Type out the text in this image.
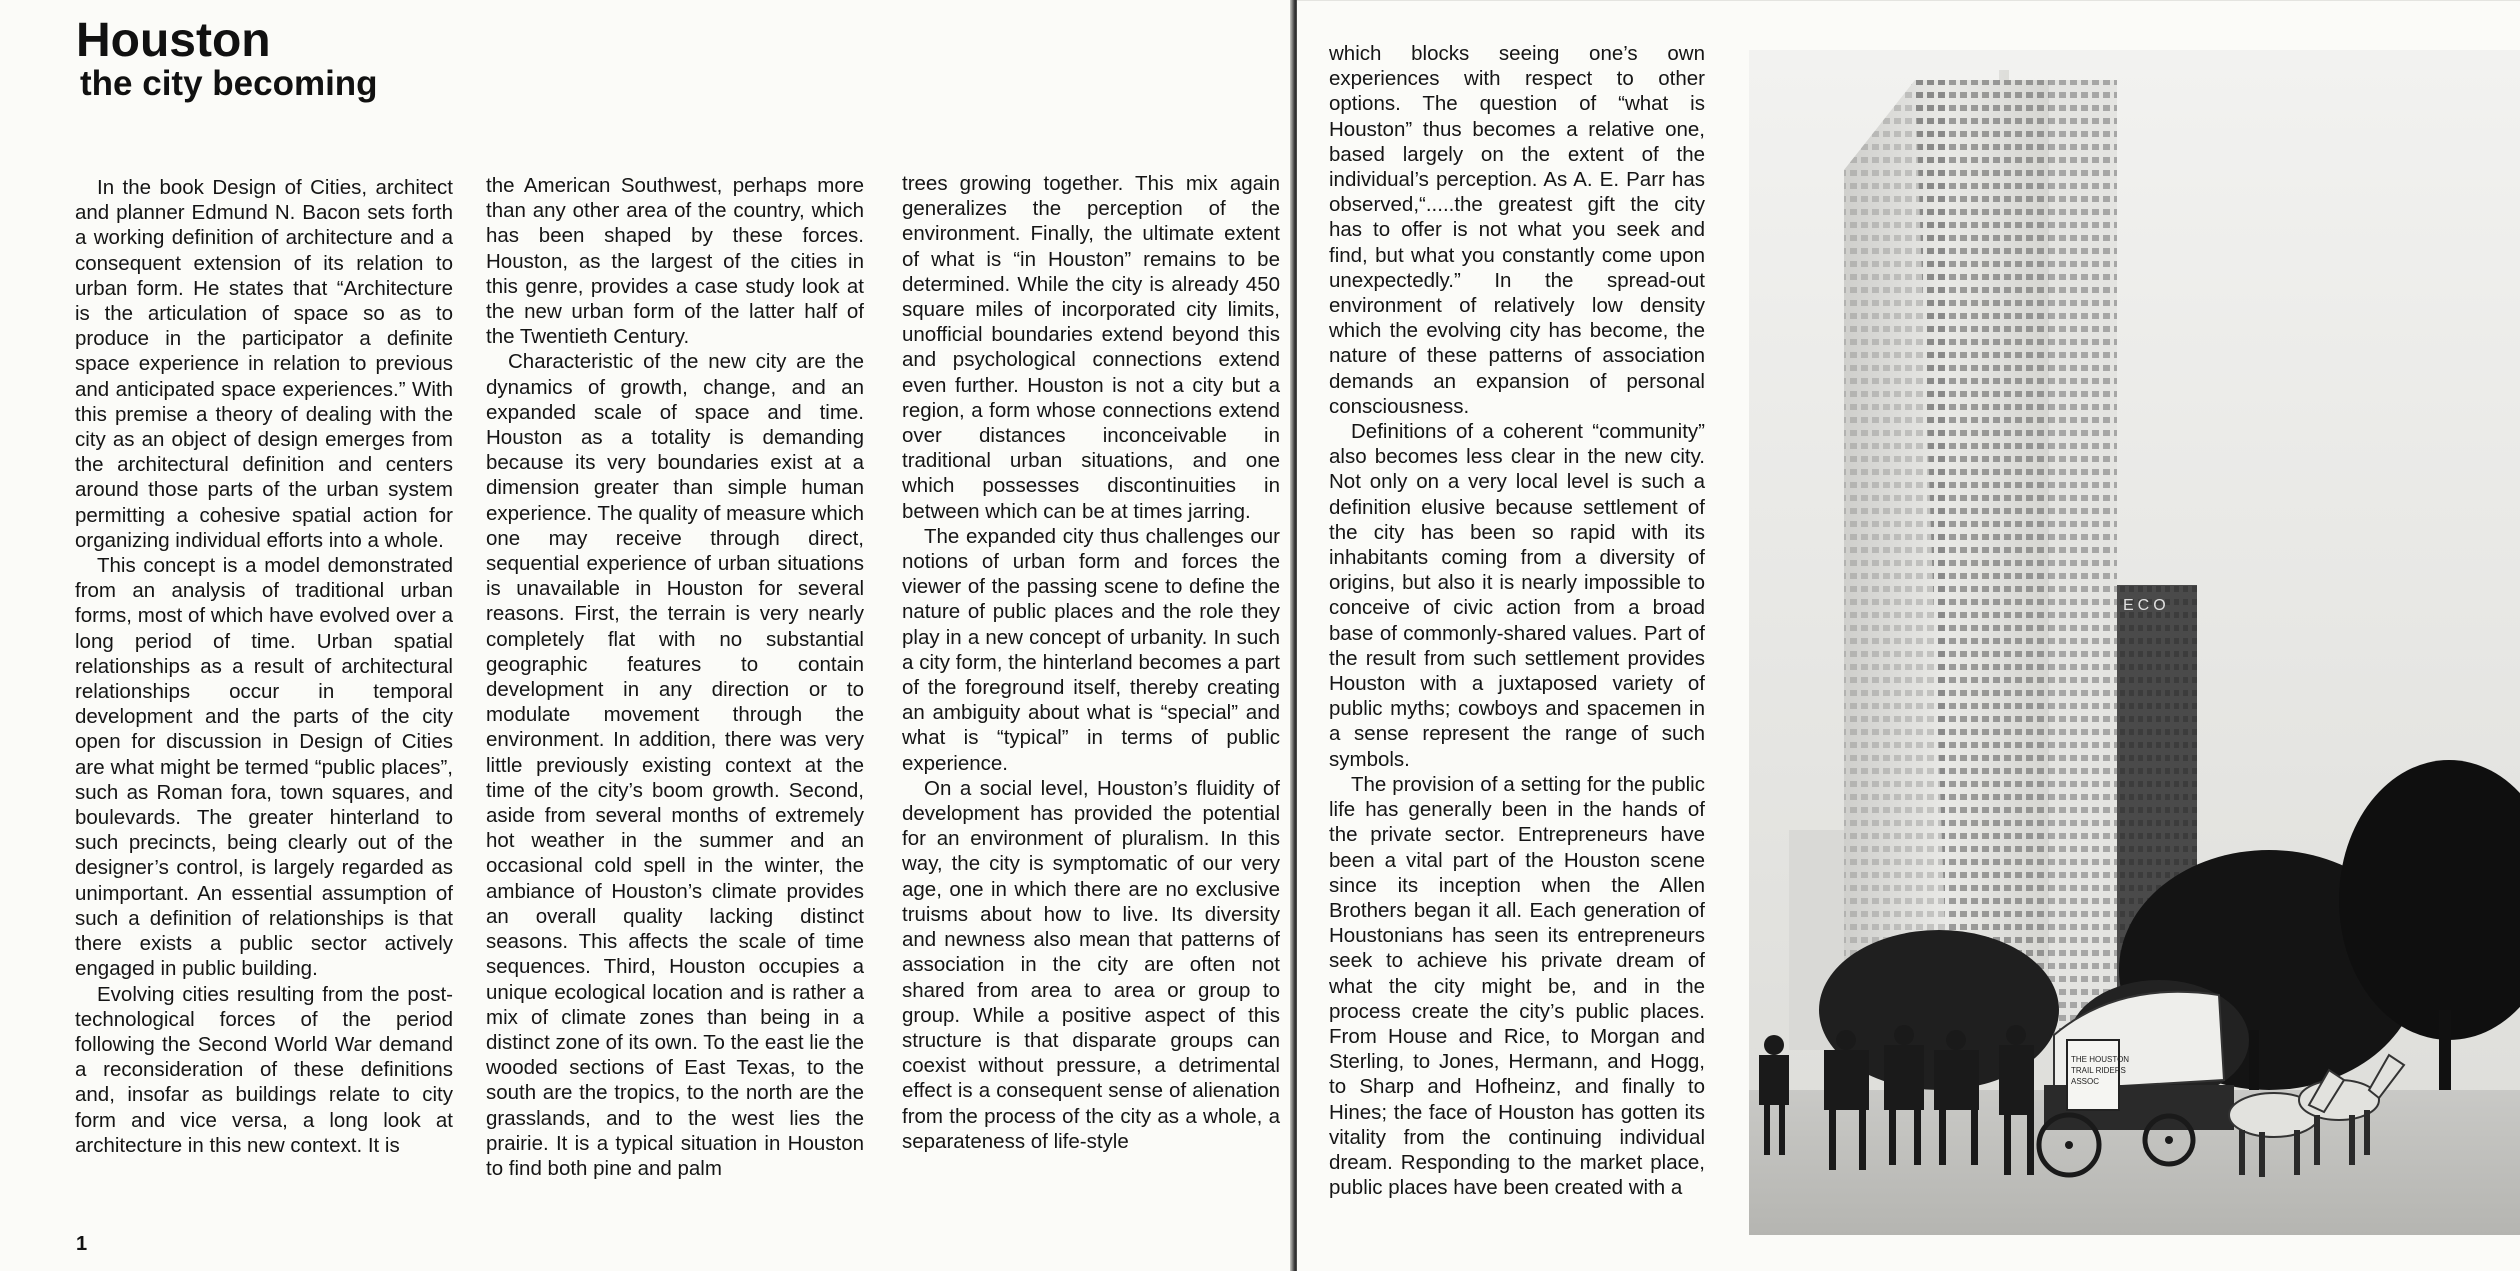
Houston
the city becoming

In the book Design of Cities, architect and planner Edmund N. Bacon sets forth a working definition of architecture and a consequent extension of its relation to urban form. He states that “Architecture is the articulation of space so as to produce in the participator a definite space experience in relation to previous and anticipated space experiences.” With this premise a theory of dealing with the city as an object of design emerges from the architectural definition and centers around those parts of the urban system permitting a cohesive spatial action for organizing individual efforts into a whole.

This concept is a model demonstrated from an analysis of traditional urban forms, most of which have evolved over a long period of time. Urban spatial relationships as a result of architectural relationships occur in temporal development and the parts of the city open for discussion in Design of Cities are what might be termed “public places”, such as Roman fora, town squares, and boulevards. The greater hinterland to such precincts, being clearly out of the designer’s control, is largely regarded as unimportant. An essential assumption of such a definition of relationships is that there exists a public sector actively engaged in public building.

Evolving cities resulting from the post-technological forces of the period following the Second World War demand a reconsideration of these definitions and, insofar as buildings relate to city form and vice versa, a long look at architecture in this new context. It is

the American Southwest, perhaps more than any other area of the country, which has been shaped by these forces. Houston, as the largest of the cities in this genre, provides a case study look at the new urban form of the latter half of the Twentieth Century.

Characteristic of the new city are the dynamics of growth, change, and an expanded scale of space and time. Houston as a totality is demanding because its very boundaries exist at a dimension greater than simple human experience. The quality of measure which one may receive through direct, sequential experience of urban situations is unavailable in Houston for several reasons. First, the terrain is very nearly completely flat with no substantial geographic features to contain development in any direction or to modulate movement through the environment. In addition, there was very little previously existing context at the time of the city’s boom growth. Second, aside from several months of extremely hot weather in the summer and an occasional cold spell in the winter, the ambiance of Houston’s climate provides an overall quality lacking distinct seasons. This affects the scale of time sequences. Third, Houston occupies a unique ecological location and is rather a mix of climate zones than being in a distinct zone of its own. To the east lie the wooded sections of East Texas, to the south are the tropics, to the north are the grasslands, and to the west lies the prairie. It is a typical situation in Houston to find both pine and palm

trees growing together. This mix again generalizes the perception of the environment. Finally, the ultimate extent of what is “in Houston” remains to be determined. While the city is already 450 square miles of incorporated city limits, unofficial boundaries extend beyond this and psychological connections extend even further. Houston is not a city but a region, a form whose connections extend over distances inconceivable in traditional urban situations, and one which possesses discontinuities in between which can be at times jarring.

The expanded city thus challenges our notions of urban form and forces the viewer of the passing scene to define the nature of public places and the role they play in a new concept of urbanity. In such a city form, the hinterland becomes a part of the foreground itself, thereby creating an ambiguity about what is “special” and what is “typical” in terms of public experience.

On a social level, Houston’s fluidity of development has provided the potential for an environment of pluralism. In this way, the city is symptomatic of our very age, one in which there are no exclusive truisms about how to live. Its diversity and newness also mean that patterns of association in the city are often not shared from area to area or group to group. While a positive aspect of this structure is that disparate groups can coexist without pressure, a detrimental effect is a consequent sense of alienation from the process of the city as a whole, a separateness of life-style

1

which blocks seeing one’s own experiences with respect to other options. The question of “what is Houston” thus becomes a relative one, based largely on the extent of the individual’s perception. As A. E. Parr has observed,“.....the greatest gift the city has to offer is not what you seek and find, but what you constantly come upon unexpectedly.” In the spread-out environment of relatively low density which the evolving city has become, the nature of these patterns of association demands an expansion of personal consciousness.

Definitions of a coherent “community” also becomes less clear in the new city. Not only on a very local level is such a definition elusive because settlement of the city has been so rapid with its inhabitants coming from a diversity of origins, but also it is nearly impossible to conceive of civic action from a broad base of commonly-shared values. Part of the result from such settlement provides Houston with a juxtaposed variety of public myths; cowboys and spacemen in a sense represent the range of such symbols.

The provision of a setting for the public life has generally been in the hands of the private sector. Entrepreneurs have been a vital part of the Houston scene since its inception when the Allen Brothers began it all. Each generation of Houstonians has seen its entrepreneurs seek to achieve his private dream of what the city might be, and in the process create the city’s public places. From House and Rice, to Morgan and Sterling, to Jones, Hermann, and Hogg, to Sharp and Hofheinz, and finally to Hines; the face of Houston has gotten its vitality from the continuing individual dream. Responding to the market place, public places have been created with a

ECO
THE HOUSTON TRAIL RIDERS ASSOC
